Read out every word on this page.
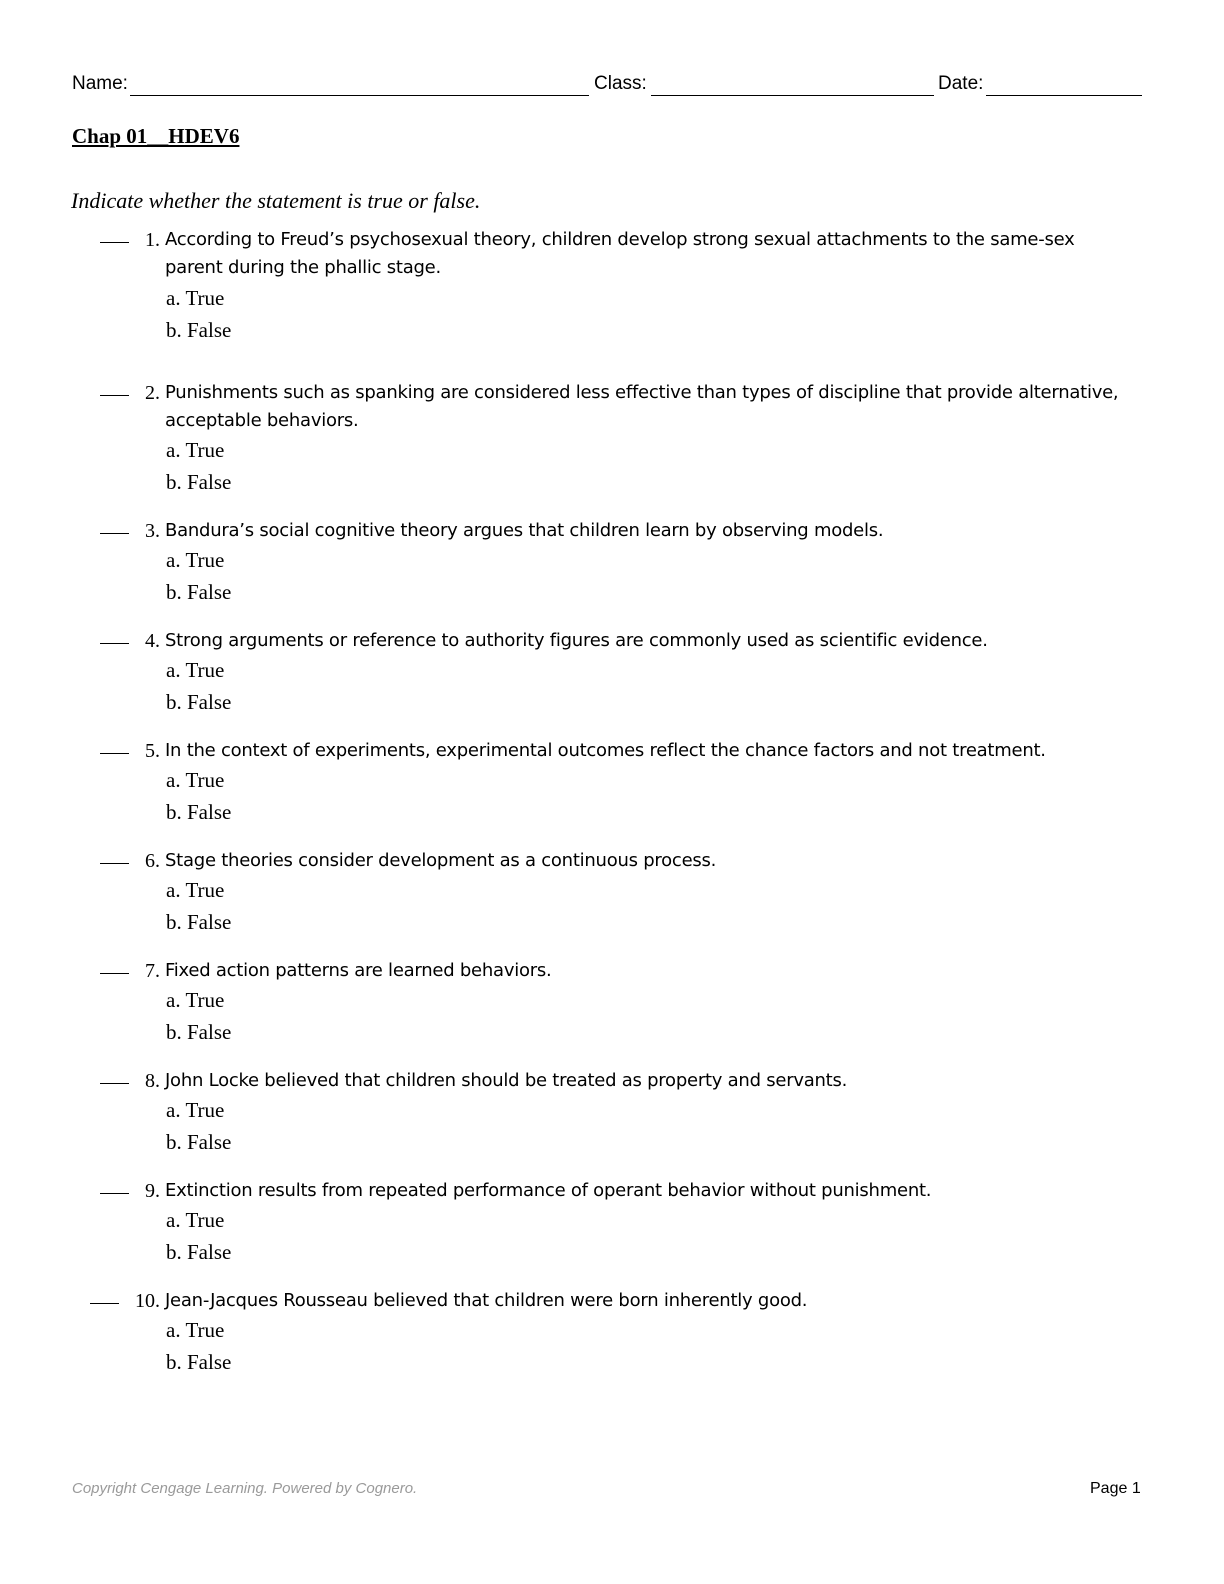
Name:	Class:	Date:
Chap 01__HDEV6

Indicate whether the statement is true or false.

1. According to Freud’s psychosexual theory, children develop strong sexual attachments to the same-sex parent during the phallic stage.

a. True
b. False
2. Punishments such as spanking are considered less effective than types of discipline that provide alternative, acceptable behaviors.

a. True
b. False
3. Bandura’s social cognitive theory argues that children learn by observing models.

a. True
b. False
4. Strong arguments or reference to authority figures are commonly used as scientific evidence.

a. True
b. False
5. In the context of experiments, experimental outcomes reflect the chance factors and not treatment.

a. True
b. False
6. Stage theories consider development as a continuous process.

a. True
b. False
7. Fixed action patterns are learned behaviors.

a. True
b. False
8. John Locke believed that children should be treated as property and servants.

a. True
b. False
9. Extinction results from repeated performance of operant behavior without punishment.

a. True
b. False
10. Jean-Jacques Rousseau believed that children were born inherently good.

a. True
b. False
Copyright Cengage Learning. Powered by Cognero.	Page 1
